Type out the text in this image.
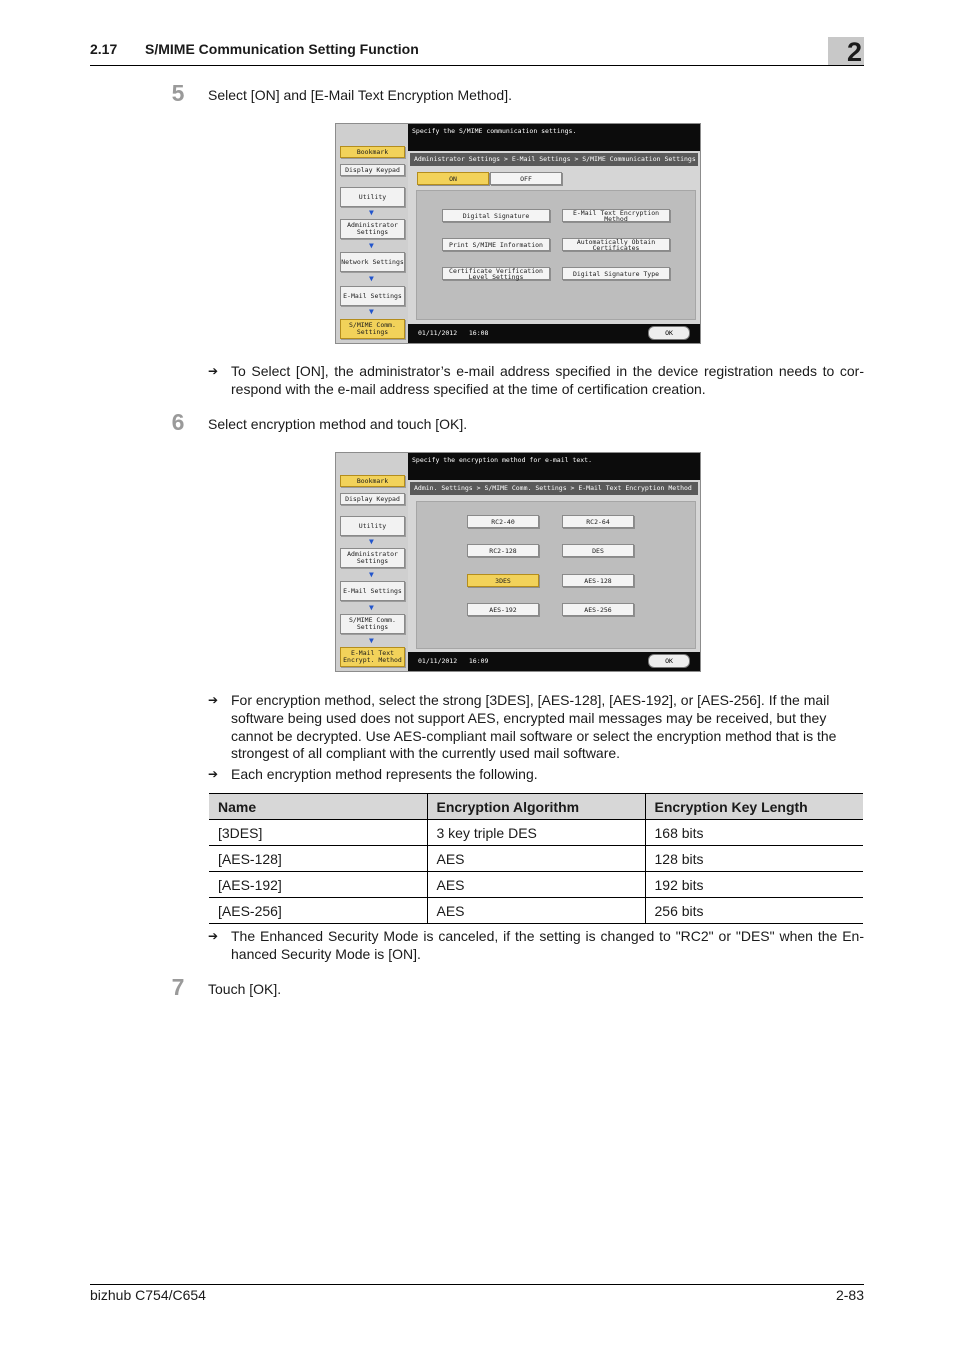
2.17 S/MIME Communication Setting Function	2
5 Select [ON] and [E-Mail Text Encryption Method].
Bookmark
Display Keypad
Utility
▼
Administrator Settings
▼
Network Settings
▼
E-Mail Settings
▼
S/MIME Comm. Settings
Specify the S/MIME communication settings.
Administrator Settings > E-Mail Settings > S/MIME Communication Settings
ON	OFF
Digital Signature	E-Mail Text Encryption Method
Print S/MIME Information	Automatically Obtain Certificates
Certificate Verification Level Settings	Digital Signature Type
01/11/2012   16:08	OK
➔ To Select [ON], the administrator’s e-mail address specified in the device registration needs to cor-respond with the e-mail address specified at the time of certification creation.
6 Select encryption method and touch [OK].
Bookmark
Display Keypad
Utility
▼
Administrator Settings
▼
E-Mail Settings
▼
S/MIME Comm. Settings
▼
E-Mail Text Encrypt. Method
Specify the encryption method for e-mail text.
Admin. Settings > S/MIME Comm. Settings > E-Mail Text Encryption Method
RC2-40	RC2-64
RC2-128	DES
3DES	AES-128
AES-192	AES-256
01/11/2012   16:09	OK
➔ For encryption method, select the strong [3DES], [AES-128], [AES-192], or [AES-256]. If the mail software being used does not support AES, encrypted mail messages may be received, but they cannot be decrypted. Use AES-compliant mail software or select the encryption method that is the strongest of all compliant with the currently used mail software.
➔ Each encryption method represents the following.
Name	Encryption Algorithm	Encryption Key Length
[3DES]	3 key triple DES	168 bits
[AES-128]	AES	128 bits
[AES-192]	AES	192 bits
[AES-256]	AES	256 bits
➔ The Enhanced Security Mode is canceled, if the setting is changed to "RC2" or "DES" when the En-hanced Security Mode is [ON].
7 Touch [OK].
bizhub C754/C654	2-83
